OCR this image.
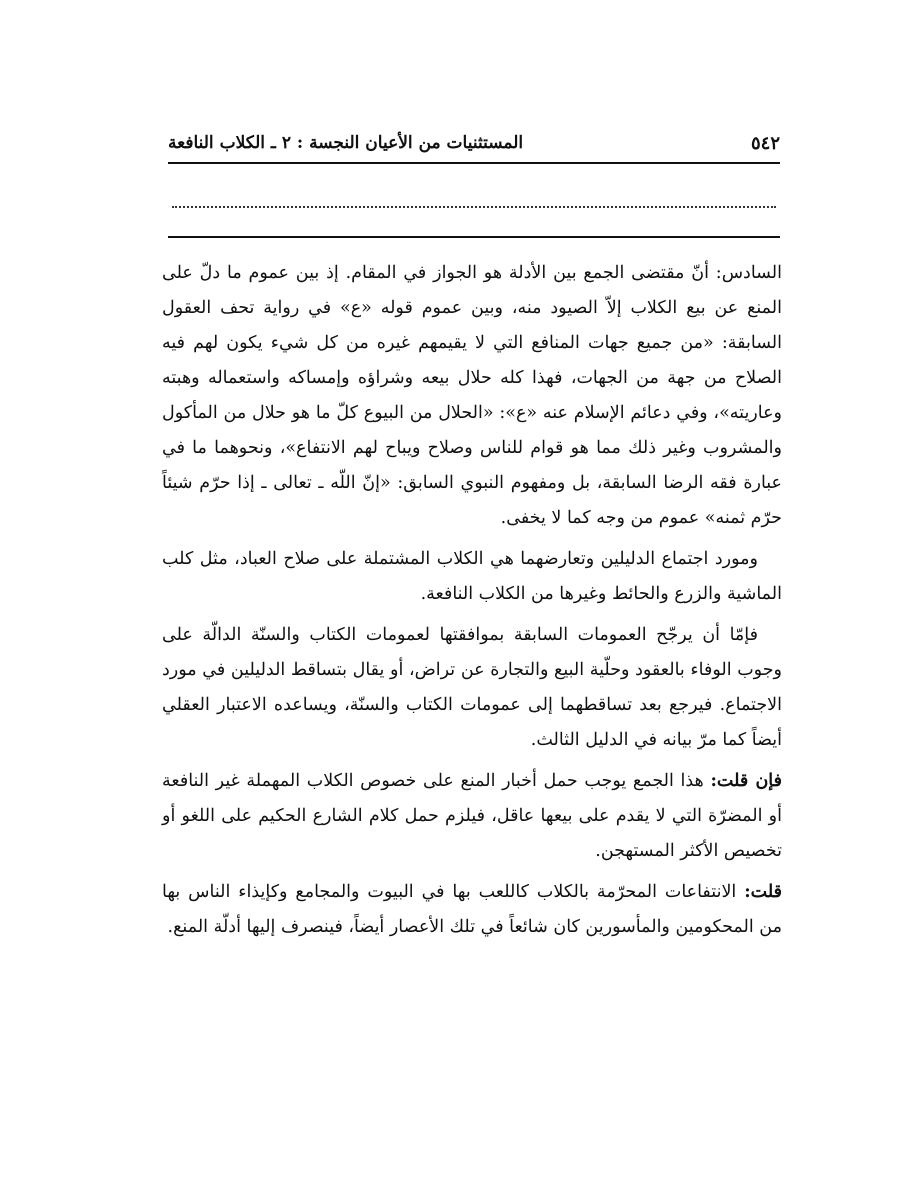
٥٤٢
المستثنيات من الأعيان النجسة : ٢ ـ الكلاب النافعة

السادس: أنّ مقتضى الجمع بين الأدلة هو الجواز في المقام. إذ بين عموم ما دلّ على المنع عن بيع الكلاب إلاّ الصيود منه، وبين عموم قوله «ع» في رواية تحف العقول السابقة: «من جميع جهات المنافع التي لا يقيمهم غيره من كل شيء يكون لهم فيه الصلاح من جهة من الجهات، فهذا كله حلال بيعه وشراؤه وإمساكه واستعماله وهبته وعاريته»، وفي دعائم الإسلام عنه «ع»: «الحلال من البيوع كلّ ما هو حلال من المأكول والمشروب وغير ذلك مما هو قوام للناس وصلاح ويباح لهم الانتفاع»، ونحوهما ما في عبارة فقه الرضا السابقة، بل ومفهوم النبوي السابق: «إنّ اللّه ـ تعالى ـ إذا حرّم شيئاً حرّم ثمنه» عموم من وجه كما لا يخفى.

ومورد اجتماع الدليلين وتعارضهما هي الكلاب المشتملة على صلاح العباد، مثل كلب الماشية والزرع والحائط وغيرها من الكلاب النافعة.

فإمّا أن يرجّح العمومات السابقة بموافقتها لعمومات الكتاب والسنّة الدالّة على وجوب الوفاء بالعقود وحلّية البيع والتجارة عن تراض، أو يقال بتساقط الدليلين في مورد الاجتماع. فيرجع بعد تساقطهما إلى عمومات الكتاب والسنّة، ويساعده الاعتبار العقلي أيضاً كما مرّ بيانه في الدليل الثالث.

فإن قلت: هذا الجمع يوجب حمل أخبار المنع على خصوص الكلاب المهملة غير النافعة أو المضرّة التي لا يقدم على بيعها عاقل، فيلزم حمل كلام الشارع الحكيم على اللغو أو تخصيص الأكثر المستهجن.

قلت: الانتفاعات المحرّمة بالكلاب كاللعب بها في البيوت والمجامع وكإيذاء الناس بها من المحكومين والمأسورين كان شائعاً في تلك الأعصار أيضاً، فينصرف إليها أدلّة المنع.
